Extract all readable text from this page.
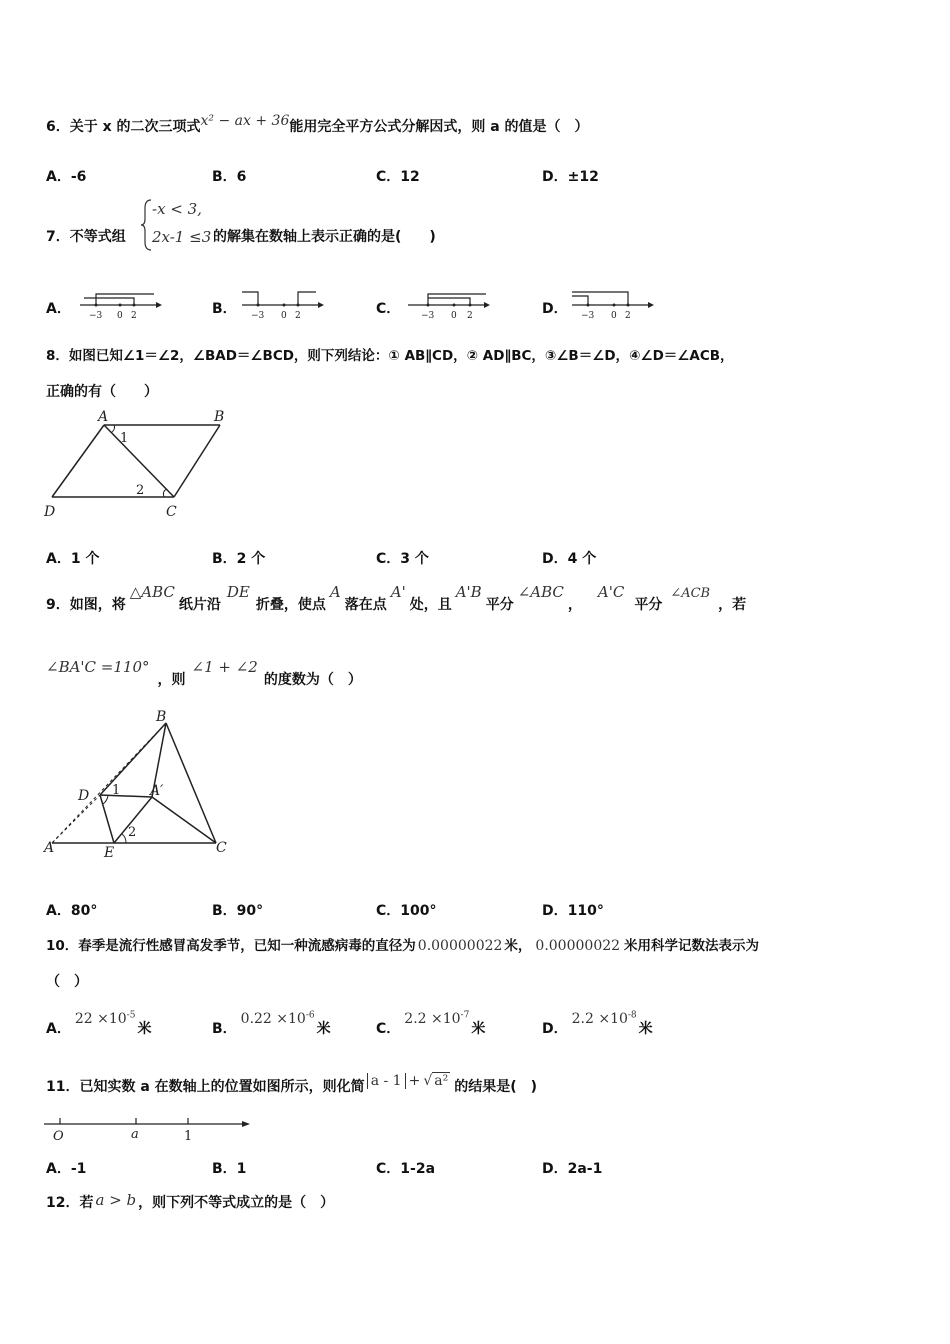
6．关于 x 的二次三项式x² − ax + 36能用完全平方公式分解因式，则 a 的值是（　）
A．-6	B．6	C．12	D．±12
7．不等式组
-x < 3,
2x-1 ≤3 的解集在数轴上表示正确的是(　　)
A． −3 0 2	B． −3 0 2	C． −3 0 2	D． −3 0 2
8．如图已知∠1＝∠2，∠BAD＝∠BCD，则下列结论：① AB∥CD，② AD∥BC，③∠B＝∠D，④∠D＝∠ACB，
正确的有（　　）
A	B
D	C
1
2
A．1 个	B．2 个	C．3 个	D．4 个
9．如图，将△ABC纸片沿DE折叠，使点A落在点A'处，且A'B平分∠ABC，A'C平分∠ACB，若
∠BA'C =110°，则∠1 + ∠2的度数为（　）
B
D	A′
A	E	C
1
2
A．80°	B．90°	C．100°	D．110°
10．春季是流行性感冒高发季节，已知一种流感病毒的直径为 0.00000022 米， 0.00000022 米用科学记数法表示为
（　）
A．$22 \times 10^{-5}$米	B．$0.22 \times 10^{-6}$米	C．$2.2 \times 10^{-7}$米	D．$2.2 \times 10^{-8}$米
11．已知实数 a 在数轴上的位置如图所示，则化简 a - 1 + √ a² 的结果是(　)
O	a	1
A．-1	B．1	C．1-2a	D．2a-1
12．若 a > b ，则下列不等式成立的是（　）
